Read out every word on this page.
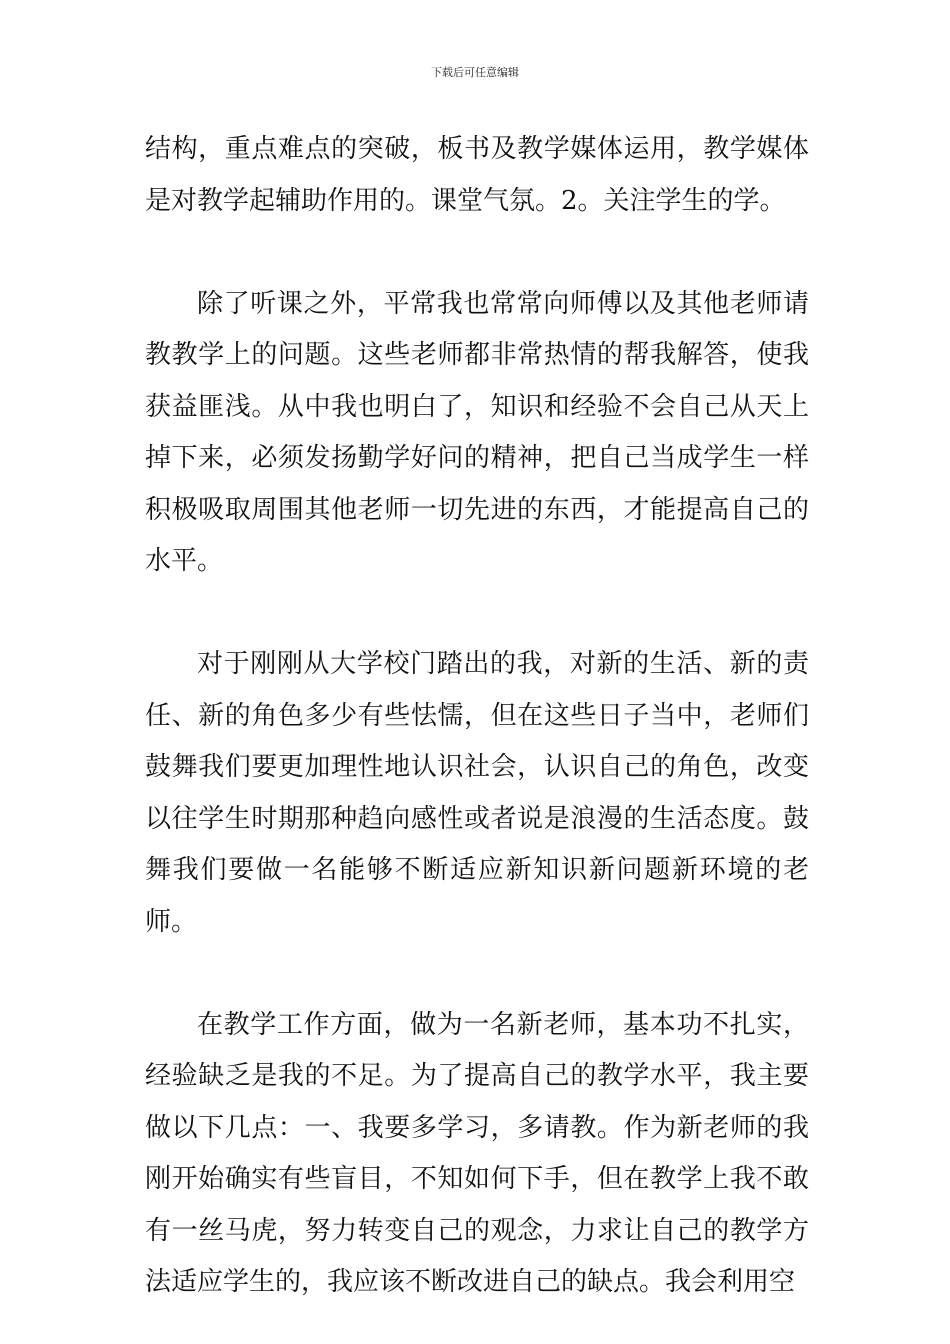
下载后可任意编辑

结构，重点难点的突破，板书及教学媒体运用，教学媒体是对教学起辅助作用的。课堂气氛。2。关注学生的学。

除了听课之外，平常我也常常向师傅以及其他老师请教教学上的问题。这些老师都非常热情的帮我解答，使我获益匪浅。从中我也明白了，知识和经验不会自己从天上掉下来，必须发扬勤学好问的精神，把自己当成学生一样积极吸取周围其他老师一切先进的东西，才能提高自己的水平。

对于刚刚从大学校门踏出的我，对新的生活、新的责任、新的角色多少有些怯懦，但在这些日子当中，老师们鼓舞我们要更加理性地认识社会，认识自己的角色，改变以往学生时期那种趋向感性或者说是浪漫的生活态度。鼓舞我们要做一名能够不断适应新知识新问题新环境的老师。

在教学工作方面，做为一名新老师，基本功不扎实，经验缺乏是我的不足。为了提高自己的教学水平，我主要做以下几点：一、我要多学习，多请教。作为新老师的我刚开始确实有些盲目，不知如何下手，但在教学上我不敢有一丝马虎，努力转变自己的观念，力求让自己的教学方法适应学生的，我应该不断改进自己的缺点。我会利用空
